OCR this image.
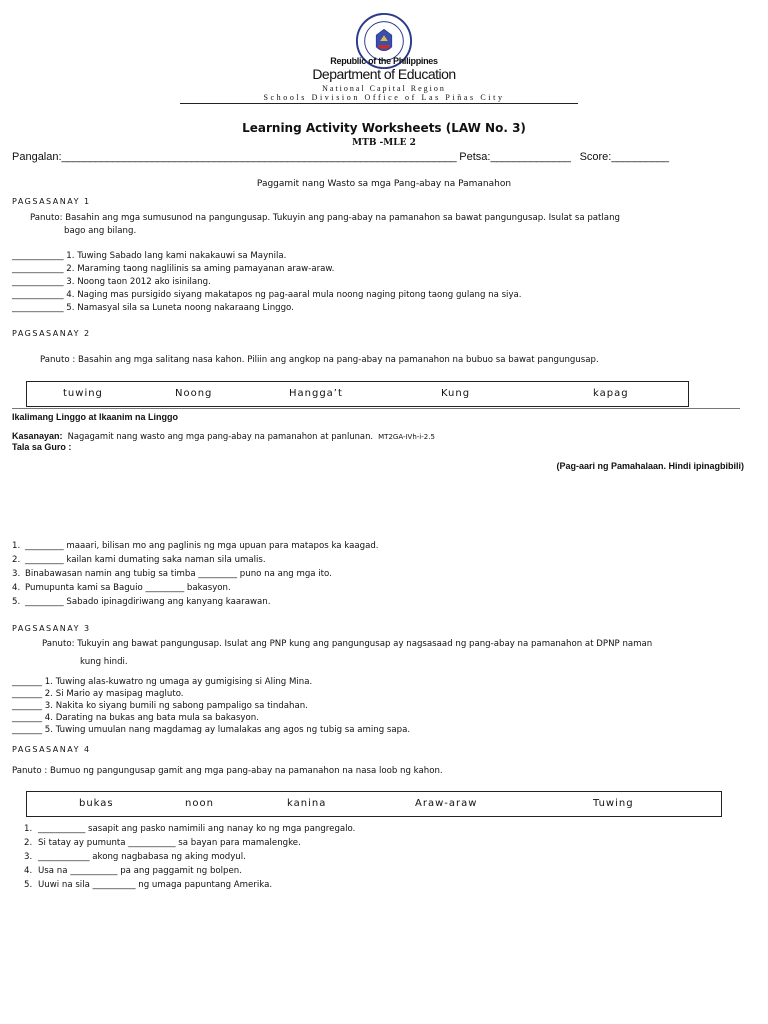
Republic of the Philippines
Department of Education
National Capital Region
Schools Division Office of Las Piñas City
Learning Activity Worksheets (LAW No. 3)
MTB -MLE 2
Pangalan:______________________________________________________________________ Petsa:______________ Score:__________
Paggamit nang Wasto sa mga Pang-abay na Pamanahon
PAGSASANAY 1
Panuto: Basahin ang mga sumusunod na pangungusap. Tukuyin ang pang-abay na pamanahon sa bawat pangungusap. Isulat sa patlang
bago ang bilang.
____________ 1. Tuwing Sabado lang kami nakakauwi sa Maynila.
____________ 2. Maraming taong naglilinis sa aming pamayanan araw-araw.
____________ 3. Noong taon 2012 ako isinilang.
____________ 4. Naging mas pursigido siyang makatapos ng pag-aaral mula noong naging pitong taong gulang na siya.
____________ 5. Namasyal sila sa Luneta noong nakaraang Linggo.
PAGSASANAY 2
Panuto : Basahin ang mga salitang nasa kahon. Piliin ang angkop na pang-abay na pamanahon na bubuo sa bawat pangungusap.
tuwing	Noong	Hangga’t	Kung	kapag
Ikalimang Linggo at Ikaanim na Linggo
Kasanayan: Nagagamit nang wasto ang mga pang-abay na pamanahon at panlunan. MT2GA-IVh-i-2.5
Tala sa Guro :
(Pag-aari ng Pamahalaan. Hindi ipinagbibili)
1. _________ maaari, bilisan mo ang paglinis ng mga upuan para matapos ka kaagad.
2. _________ kailan kami dumating saka naman sila umalis.
3. Binabawasan namin ang tubig sa timba _________ puno na ang mga ito.
4. Pumupunta kami sa Baguio _________ bakasyon.
5. _________ Sabado ipinagdiriwang ang kanyang kaarawan.
PAGSASANAY 3
Panuto: Tukuyin ang bawat pangungusap. Isulat ang PNP kung ang pangungusap ay nagsasaad ng pang-abay na pamanahon at DPNP naman
kung hindi.
_______ 1. Tuwing alas-kuwatro ng umaga ay gumigising si Aling Mina.
_______ 2. Si Mario ay masipag magluto.
_______ 3. Nakita ko siyang bumili ng sabong pampaligo sa tindahan.
_______ 4. Darating na bukas ang bata mula sa bakasyon.
_______ 5. Tuwing umuulan nang magdamag ay lumalakas ang agos ng tubig sa aming sapa.
PAGSASANAY 4
Panuto : Bumuo ng pangungusap gamit ang mga pang-abay na pamanahon na nasa loob ng kahon.
bukas	noon	kanina	Araw-araw	Tuwing
1. ___________ sasapit ang pasko namimili ang nanay ko ng mga pangregalo.
2. Si tatay ay pumunta ___________ sa bayan para mamalengke.
3. ____________ akong nagbabasa ng aking modyul.
4. Usa na ___________ pa ang paggamit ng bolpen.
5. Uuwi na sila __________ ng umaga papuntang Amerika.
